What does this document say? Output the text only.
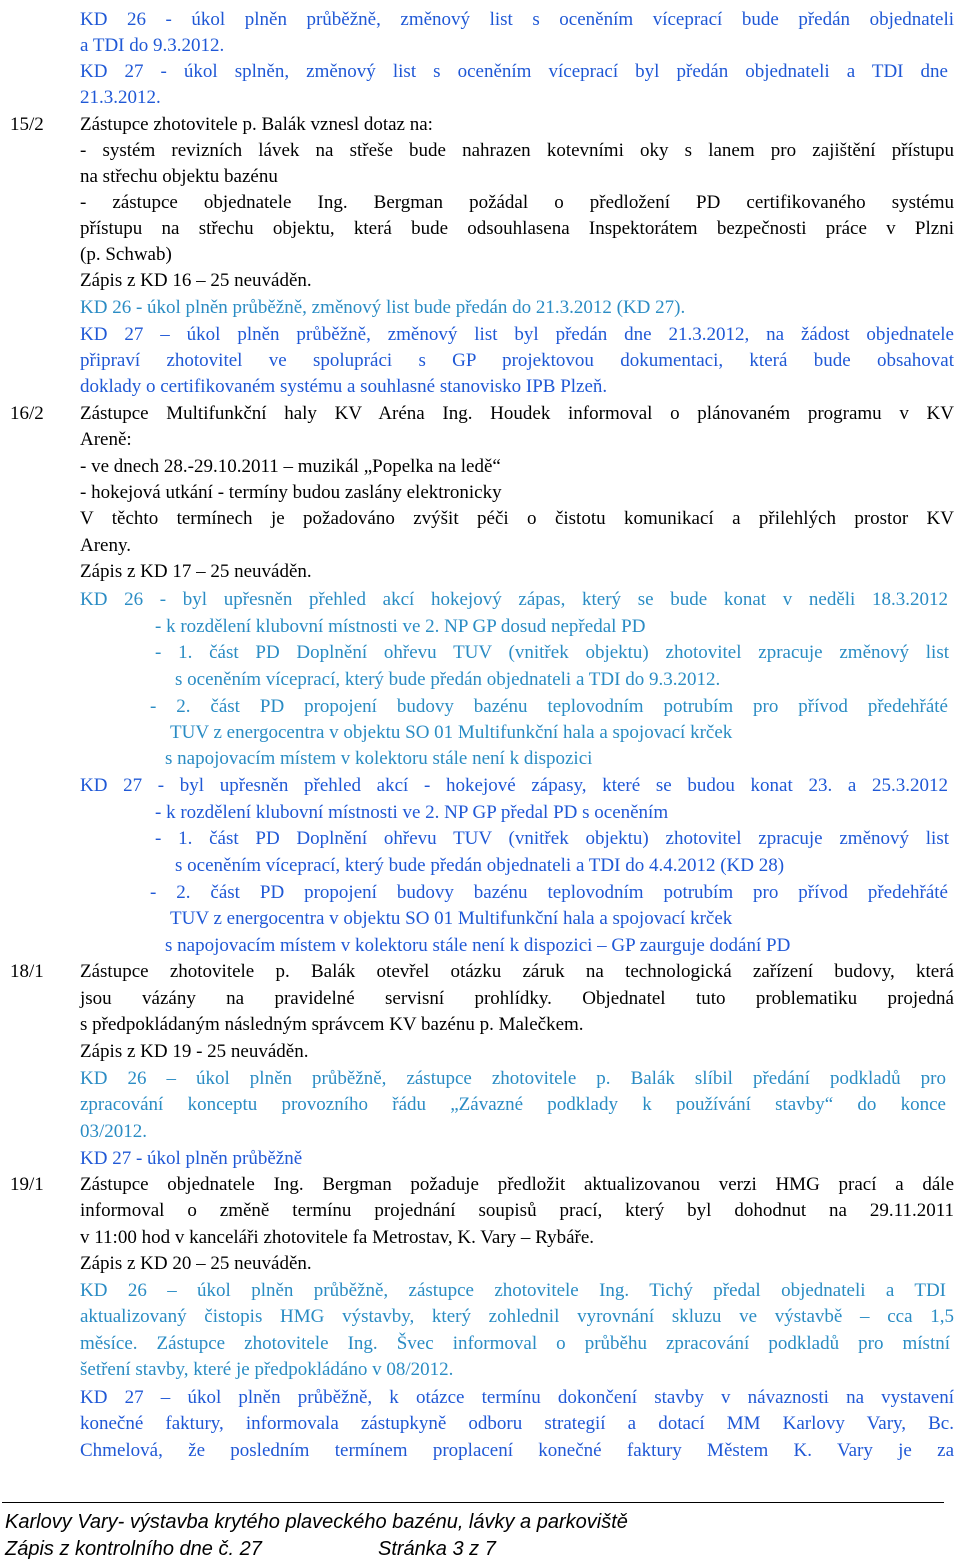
KD 26 - úkol plněn průběžně, změnový list s oceněním víceprací bude předán objednateli
a TDI do 9.3.2012.
KD 27 - úkol splněn, změnový list s oceněním víceprací byl předán objednateli a TDI dne
21.3.2012.
15/2 Zástupce zhotovitele p. Balák vznesl dotaz na:
- systém revizních lávek na střeše bude nahrazen kotevními oky s lanem pro zajištění přístupu
na střechu objektu bazénu
- zástupce objednatele Ing. Bergman požádal o předložení PD certifikovaného systému
přístupu na střechu objektu, která bude odsouhlasena Inspektorátem bezpečnosti práce v Plzni
(p. Schwab)
Zápis z KD 16 – 25 neuváděn.
KD 26 - úkol plněn průběžně, změnový list bude předán do 21.3.2012 (KD 27).
KD 27 – úkol plněn průběžně, změnový list byl předán dne 21.3.2012, na žádost objednatele
připraví zhotovitel ve spolupráci s GP projektovou dokumentaci, která bude obsahovat
doklady o certifikovaném systému a souhlasné stanovisko IPB Plzeň.
16/2 Zástupce Multifunkční haly KV Aréna Ing. Houdek informoval o plánovaném programu v KV
Areně:
- ve dnech 28.-29.10.2011 – muzikál „Popelka na ledě“
- hokejová utkání - termíny budou zaslány elektronicky
V těchto termínech je požadováno zvýšit péči o čistotu komunikací a přilehlých prostor KV
Areny.
Zápis z KD 17 – 25 neuváděn.
KD 26 - byl upřesněn přehled akcí hokejový zápas, který se bude konat v neděli 18.3.2012
- k rozdělení klubovní místnosti ve 2. NP GP dosud nepředal PD
- 1. část PD Doplnění ohřevu TUV (vnitřek objektu) zhotovitel zpracuje změnový list
s oceněním víceprací, který bude předán objednateli a TDI do 9.3.2012.
- 2. část PD propojení budovy bazénu teplovodním potrubím pro přívod předehřáté
TUV z energocentra v objektu SO 01 Multifunkční hala a spojovací krček
s napojovacím místem v kolektoru stále není k dispozici
KD 27 - byl upřesněn přehled akcí - hokejové zápasy, které se budou konat 23. a 25.3.2012
- k rozdělení klubovní místnosti ve 2. NP GP předal PD s oceněním
- 1. část PD Doplnění ohřevu TUV (vnitřek objektu) zhotovitel zpracuje změnový list
s oceněním víceprací, který bude předán objednateli a TDI do 4.4.2012 (KD 28)
- 2. část PD propojení budovy bazénu teplovodním potrubím pro přívod předehřáté
TUV z energocentra v objektu SO 01 Multifunkční hala a spojovací krček
s napojovacím místem v kolektoru stále není k dispozici – GP zaurguje dodání PD
18/1 Zástupce zhotovitele p. Balák otevřel otázku záruk na technologická zařízení budovy, která
jsou vázány na pravidelné servisní prohlídky. Objednatel tuto problematiku projedná
s předpokládaným následným správcem KV bazénu p. Malečkem.
Zápis z KD 19 - 25 neuváděn.
KD 26 – úkol plněn průběžně, zástupce zhotovitele p. Balák slíbil předání podkladů pro
zpracování konceptu provozního řádu „Závazné podklady k používání stavby“ do konce
03/2012.
KD 27 - úkol plněn průběžně
19/1 Zástupce objednatele Ing. Bergman požaduje předložit aktualizovanou verzi HMG prací a dále
informoval o změně termínu projednání soupisů prací, který byl dohodnut na 29.11.2011
v 11:00 hod v kanceláři zhotovitele fa Metrostav, K. Vary – Rybáře.
Zápis z KD 20 – 25 neuváděn.
KD 26 – úkol plněn průběžně, zástupce zhotovitele Ing. Tichý předal objednateli a TDI
aktualizovaný čistopis HMG výstavby, který zohlednil vyrovnání skluzu ve výstavbě – cca 1,5
měsíce. Zástupce zhotovitele Ing. Švec informoval o průběhu zpracování podkladů pro místní
šetření stavby, které je předpokládáno v 08/2012.
KD 27 – úkol plněn průběžně, k otázce termínu dokončení stavby v návaznosti na vystavení
konečné faktury, informovala zástupkyně odboru strategií a dotací MM Karlovy Vary, Bc.
Chmelová, že posledním termínem proplacení konečné faktury Městem K. Vary je za
Karlovy Vary- výstavba krytého plaveckého bazénu, lávky a parkoviště
Zápis z kontrolního dne č. 27	Stránka 3 z 7
